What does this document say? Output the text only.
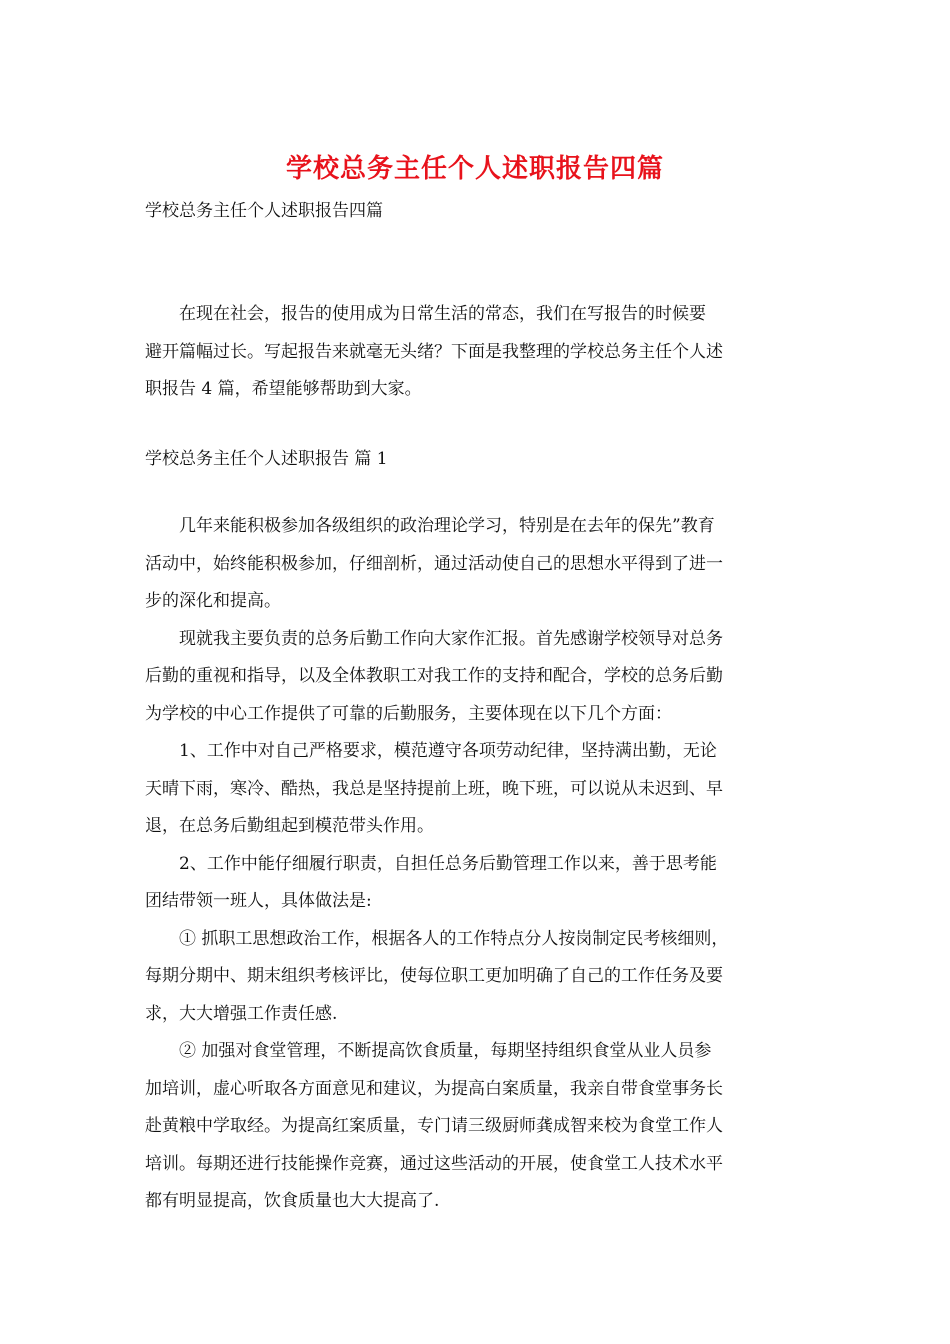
学校总务主任个人述职报告四篇
学校总务主任个人述职报告四篇
　　在现在社会，报告的使用成为日常生活的常态，我们在写报告的时候要
避开篇幅过长。写起报告来就毫无头绪？下面是我整理的学校总务主任个人述
职报告 4 篇，希望能够帮助到大家。
学校总务主任个人述职报告 篇 1
　　几年来能积极参加各级组织的政治理论学习，特别是在去年的保先”教育
活动中，始终能积极参加，仔细剖析，通过活动使自己的思想水平得到了进一
步的深化和提高。
　　现就我主要负责的总务后勤工作向大家作汇报。首先感谢学校领导对总务
后勤的重视和指导，以及全体教职工对我工作的支持和配合，学校的总务后勤
为学校的中心工作提供了可靠的后勤服务，主要体现在以下几个方面：
　　1、工作中对自己严格要求，模范遵守各项劳动纪律，坚持满出勤，无论
天晴下雨，寒冷、酷热，我总是坚持提前上班，晚下班，可以说从未迟到、早
退，在总务后勤组起到模范带头作用。
　　2、工作中能仔细履行职责，自担任总务后勤管理工作以来，善于思考能
团结带领一班人，具体做法是:
　　① 抓职工思想政治工作，根据各人的工作特点分人按岗制定民考核细则，
每期分期中、期末组织考核评比，使每位职工更加明确了自己的工作任务及要
求，大大增强工作责任感.
　　② 加强对食堂管理，不断提高饮食质量，每期坚持组织食堂从业人员参
加培训，虚心听取各方面意见和建议，为提高白案质量，我亲自带食堂事务长
赴黄粮中学取经。为提高红案质量，专门请三级厨师龚成智来校为食堂工作人
培训。每期还进行技能操作竞赛，通过这些活动的开展，使食堂工人技术水平
都有明显提高，饮食质量也大大提高了.
